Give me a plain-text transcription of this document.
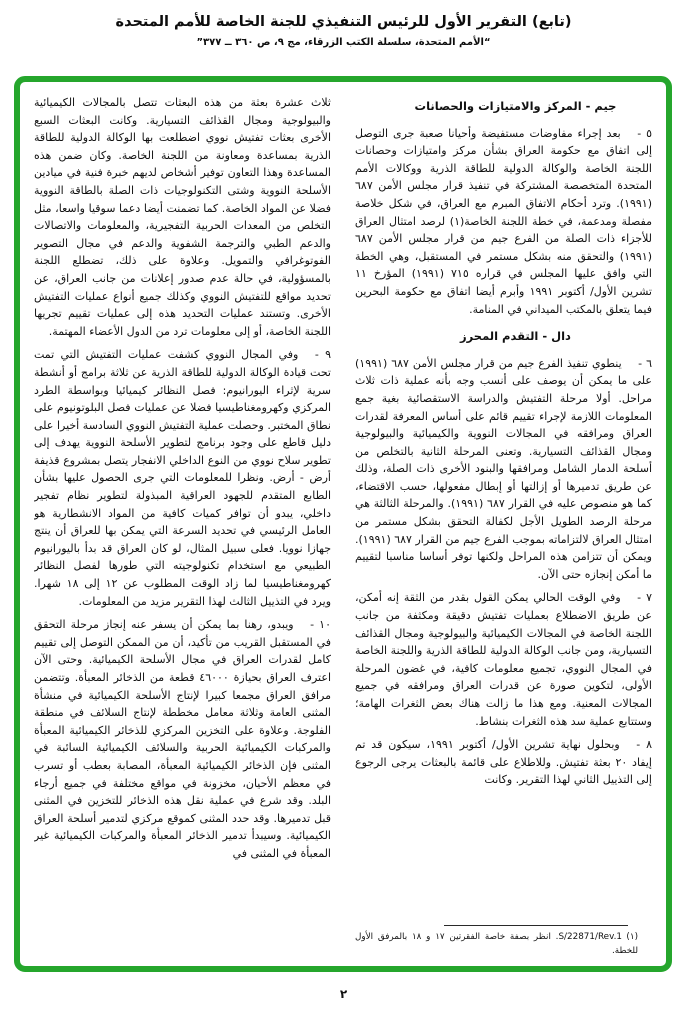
(تابع) التقرير الأول للرئيس التنفيذي للجنة الخاصة للأمم المتحدة
“الأمم المتحدة، سلسلة الكتب الزرقاء، مج ٩، ص ٣٦٠ ــ ٣٧٧”
جيم - المركز والامتيازات والحصانات

٥ -  بعد إجراء مفاوضات مستفيضة وأحيانا صعبة جرى التوصل إلى اتفاق مع حكومة العراق بشأن مركز وامتيازات وحصانات اللجنة الخاصة والوكالة الدولية للطاقة الذرية ووكالات الأمم المتحدة المتخصصة المشتركة في تنفيذ قرار مجلس الأمن ٦٨٧ (١٩٩١). وترد أحكام الاتفاق المبرم مع العراق، في شكل خلاصة مفصلة ومدعمة، في خطة اللجنة الخاصة(١) لرصد امتثال العراق للأجزاء ذات الصلة من الفرع جيم من قرار مجلس الأمن ٦٨٧ (١٩٩١) والتحقق منه بشكل مستمر في المستقبل، وهي الخطة التي وافق عليها المجلس في قراره ٧١٥ (١٩٩١) المؤرخ ١١ تشرين الأول/ أكتوبر ١٩٩١ وأبرم أيضا اتفاق مع حكومة البحرين فيما يتعلق بالمكتب الميداني في المنامة.

دال - التقدم المحرز

٦ -  ينطوي تنفيذ الفرع جيم من قرار مجلس الأمن ٦٨٧ (١٩٩١) على ما يمكن أن يوصف على أنسب وجه بأنه عملية ذات ثلاث مراحل. أولا مرحلة التفتيش والدراسة الاستقصائية بغية جمع المعلومات اللازمة لإجراء تقييم قائم على أساس المعرفة لقدرات العراق ومرافقه في المجالات النووية والكيميائية والبيولوجية ومجال القذائف التسيارية. وتعنى المرحلة الثانية بالتخلص من أسلحة الدمار الشامل ومرافقها والبنود الأخرى ذات الصلة، وذلك عن طريق تدميرها أو إزالتها أو إبطال مفعولها، حسب الاقتضاء، كما هو منصوص عليه في القرار ٦٨٧ (١٩٩١). والمرحلة الثالثة هي مرحلة الرصد الطويل الأجل لكفالة التحقق بشكل مستمر من امتثال العراق لالتزاماته بموجب الفرع جيم من القرار ٦٨٧ (١٩٩١). ويمكن أن تتزامن هذه المراحل ولكنها توفر أساسا مناسبا لتقييم ما أمكن إنجازه حتى الآن.

٧ -  وفي الوقت الحالي يمكن القول بقدر من الثقة إنه أمكن، عن طريق الاضطلاع بعمليات تفتيش دقيقة ومكثفة من جانب اللجنة الخاصة في المجالات الكيميائية والبيولوجية ومجال القذائف التسيارية، ومن جانب الوكالة الدولية للطاقة الذرية واللجنة الخاصة في المجال النووي، تجميع معلومات كافية، في غضون المرحلة الأولى، لتكوين صورة عن قدرات العراق ومرافقه في جميع المجالات المعنية. ومع هذا ما زالت هناك بعض الثغرات الهامة؛ وستتابع عملية سد هذه الثغرات بنشاط.

٨ -  وبحلول نهاية تشرين الأول/ أكتوبر ١٩٩١، سيكون قد تم إيفاد ٢٠ بعثة تفتيش. وللاطلاع على قائمة بالبعثات يرجى الرجوع إلى التذييل الثاني لهذا التقرير. وكانت

(١) S/22871/Rev.1. انظر بصفة خاصة الفقرتين ١٧ و ١٨ بالمرفق الأول للخطة.

ثلاث عشرة بعثة من هذه البعثات تتصل بالمجالات الكيميائية والبيولوجية ومجال القذائف التسيارية. وكانت البعثات السبع الأخرى بعثات تفتيش نووي اضطلعت بها الوكالة الدولية للطاقة الذرية بمساعدة ومعاونة من اللجنة الخاصة. وكان ضمن هذه المساعدة وهذا التعاون توفير أشخاص لديهم خبرة فنية في ميادين الأسلحة النووية وشتى التكنولوجيات ذات الصلة بالطاقة النووية فضلا عن المواد الخاصة. كما تضمنت أيضا دعما سوقيا واسعا، مثل التخلص من المعدات الحربية التفجيرية، والمعلومات والاتصالات والدعم الطبي والترجمة الشفوية والدعم في مجال التصوير الفوتوغرافي والتمويل. وعلاوة على ذلك، تضطلع اللجنة بالمسؤولية، في حالة عدم صدور إعلانات من جانب العراق، عن تحديد مواقع للتفتيش النووي وكذلك جميع أنواع عمليات التفتيش الأخرى. وتستند عمليات التحديد هذه إلى عمليات تقييم تجريها اللجنة الخاصة، أو إلى معلومات ترد من الدول الأعضاء المهتمة.

٩ -  وفي المجال النووي كشفت عمليات التفتيش التي تمت تحت قيادة الوكالة الدولية للطاقة الذرية عن ثلاثة برامج أو أنشطة سرية لإثراء اليورانيوم: فصل النظائر كيميائيا وبواسطة الطرد المركزي وكهرومغناطيسيا فضلا عن عمليات فصل البلوتونيوم على نطاق المختبر. وحصلت عملية التفتيش النووي السادسة أخيرا على دليل قاطع على وجود برنامج لتطوير الأسلحة النووية يهدف إلى تطوير سلاح نووي من النوع الداخلي الانفجار يتصل بمشروع قذيفة أرض - أرض. ونظرا للمعلومات التي جرى الحصول عليها بشأن الطابع المتقدم للجهود العراقية المبذولة لتطوير نظام تفجير داخلي، يبدو أن توافر كميات كافية من المواد الانشطارية هو العامل الرئيسي في تحديد السرعة التي يمكن بها للعراق أن ينتج جهازا نوويا. فعلى سبيل المثال، لو كان العراق قد بدأ باليورانيوم الطبيعي مع استخدام تكنولوجيته التي طورها لفصل النظائر كهرومغناطيسيا لما زاد الوقت المطلوب عن ١٢ إلى ١٨ شهرا. ويرد في التذييل الثالث لهذا التقرير مزيد من المعلومات.

١٠ -  ويبدو، رهنا بما يمكن أن يسفر عنه إنجاز مرحلة التحقق في المستقبل القريب من تأكيد، أن من الممكن التوصل إلى تقييم كامل لقدرات العراق في مجال الأسلحة الكيميائية. وحتى الآن اعترف العراق بحيازة ٤٦٠٠٠ قطعة من الذخائر المعبأة. وتتضمن مرافق العراق مجمعا كبيرا لإنتاج الأسلحة الكيميائية في منشأة المثنى العامة وثلاثة معامل مخططة لإنتاج السلائف في منطقة الفلوجة. وعلاوة على التخزين المركزي للذخائر الكيميائية المعبأة والمركبات الكيميائية الحربية والسلائف الكيميائية السائبة في المثنى فإن الذخائر الكيميائية المعبأة، المصابة بعطب أو تسرب في معظم الأحيان، مخزونة في مواقع مختلفة في جميع أرجاء البلد. وقد شرع في عملية نقل هذه الذخائر للتخزين في المثنى قبل تدميرها. وقد حدد المثنى كموقع مركزي لتدمير أسلحة العراق الكيميائية. وسيبدأ تدمير الذخائر المعبأة والمركبات الكيميائية غير المعبأة في المثنى في

٢
